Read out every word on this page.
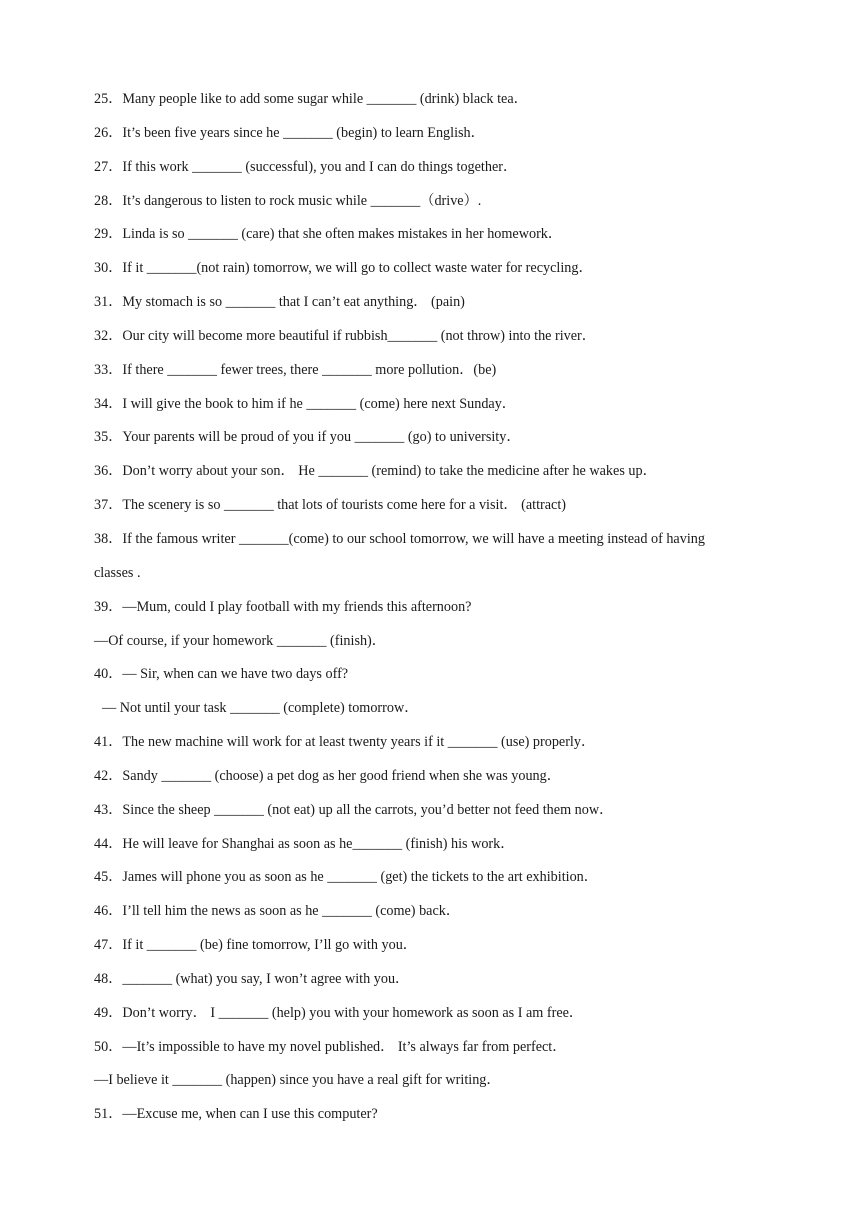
25．Many people like to add some sugar while _______ (drink) black tea．
26．It’s been five years since he _______ (begin) to learn English．
27．If this work _______ (successful), you and I can do things together．
28．It’s dangerous to listen to rock music while _______（drive）.
29．Linda is so _______ (care) that she often makes mistakes in her homework．
30．If it _______(not rain) tomorrow, we will go to collect waste water for recycling．
31．My stomach is so _______ that I can’t eat anything． (pain)
32．Our city will become more beautiful if rubbish_______ (not throw) into the river．
33．If there _______ fewer trees, there _______ more pollution．(be)
34．I will give the book to him if he _______ (come) here next Sunday．
35．Your parents will be proud of you if you _______ (go) to university．
36．Don’t worry about your son． He _______ (remind) to take the medicine after he wakes up．
37．The scenery is so _______ that lots of tourists come here for a visit． (attract)
38．If the famous writer _______(come) to our school tomorrow, we will have a meeting instead of having
classes .
39．—Mum, could I play football with my friends this afternoon?
—Of course, if your homework _______ (finish)．
40．— Sir, when can we have two days off?
— Not until your task _______ (complete) tomorrow．
41．The new machine will work for at least twenty years if it _______ (use) properly．
42．Sandy _______ (choose) a pet dog as her good friend when she was young．
43．Since the sheep _______ (not eat) up all the carrots, you’d better not feed them now．
44．He will leave for Shanghai as soon as he_______ (finish) his work．
45．James will phone you as soon as he _______ (get) the tickets to the art exhibition．
46．I’ll tell him the news as soon as he _______ (come) back．
47．If it _______ (be) fine tomorrow, I’ll go with you．
48．_______ (what) you say, I won’t agree with you．
49．Don’t worry． I _______ (help) you with your homework as soon as I am free．
50．—It’s impossible to have my novel published． It’s always far from perfect．
—I believe it _______ (happen) since you have a real gift for writing．
51．—Excuse me, when can I use this computer?
